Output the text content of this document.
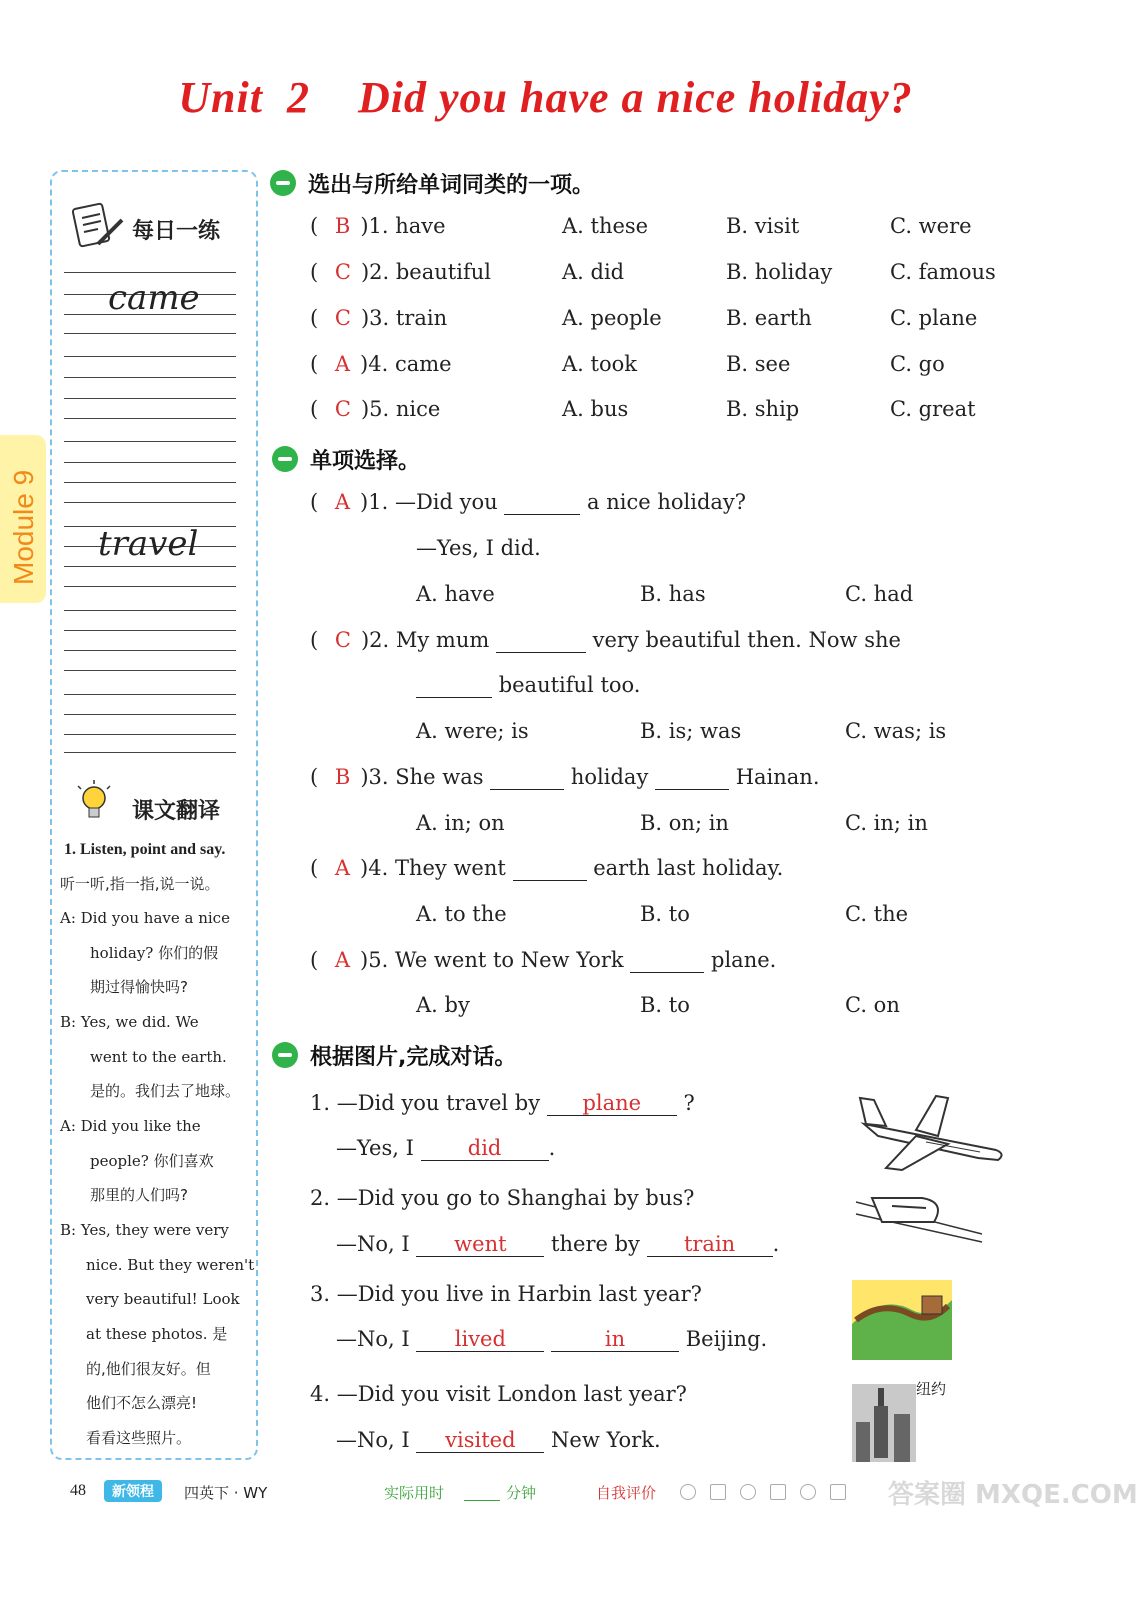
Unit  2    Did you have a nice holiday?
Module 9
每日一练
came
travel
课文翻译
1. Listen, point and say.
听一听,指一指,说一说。
A: Did you have a nice
holiday? 你们的假
期过得愉快吗?
B: Yes, we did. We
went to the earth.
是的。我们去了地球。
A: Did you like the
people? 你们喜欢
那里的人们吗?
B: Yes, they were very
nice. But they weren't
very beautiful! Look
at these photos. 是
的,他们很友好。但
他们不怎么漂亮!
看看这些照片。
选出与所给单词同类的一项。
( B )1. have	A. these	B. visit	C. were
( C )2. beautiful	A. did	B. holiday	C. famous
( C )3. train	A. people	B. earth	C. plane
( A )4. came	A. took	B. see	C. go
( C )5. nice	A. bus	B. ship	C. great
单项选择。
( A )1. —Did you	a nice holiday?
—Yes, I did.
A. have	B. has	C. had
( C )2. My mum	very beautiful then. Now she
beautiful too.
A. were; is	B. is; was	C. was; is
( B )3. She was	holiday	Hainan.
A. in; on	B. on; in	C. in; in
( A )4. They went	earth last holiday.
A. to the	B. to	C. the
( A )5. We went to New York	plane.
A. by	B. to	C. on
根据图片,完成对话。
1. —Did you travel by plane ?
—Yes, I	did .
2. —Did you go to Shanghai by bus?
—No, I went there by train .
3. —Did you live in Harbin last year?
—No, I lived	in	Beijing.
4. —Did you visit London last year?
—No, I visited New York.
纽约
48	新领程	四英下 · WY	实际用时	分钟	自我评价	答案圈 MXQE.COM
